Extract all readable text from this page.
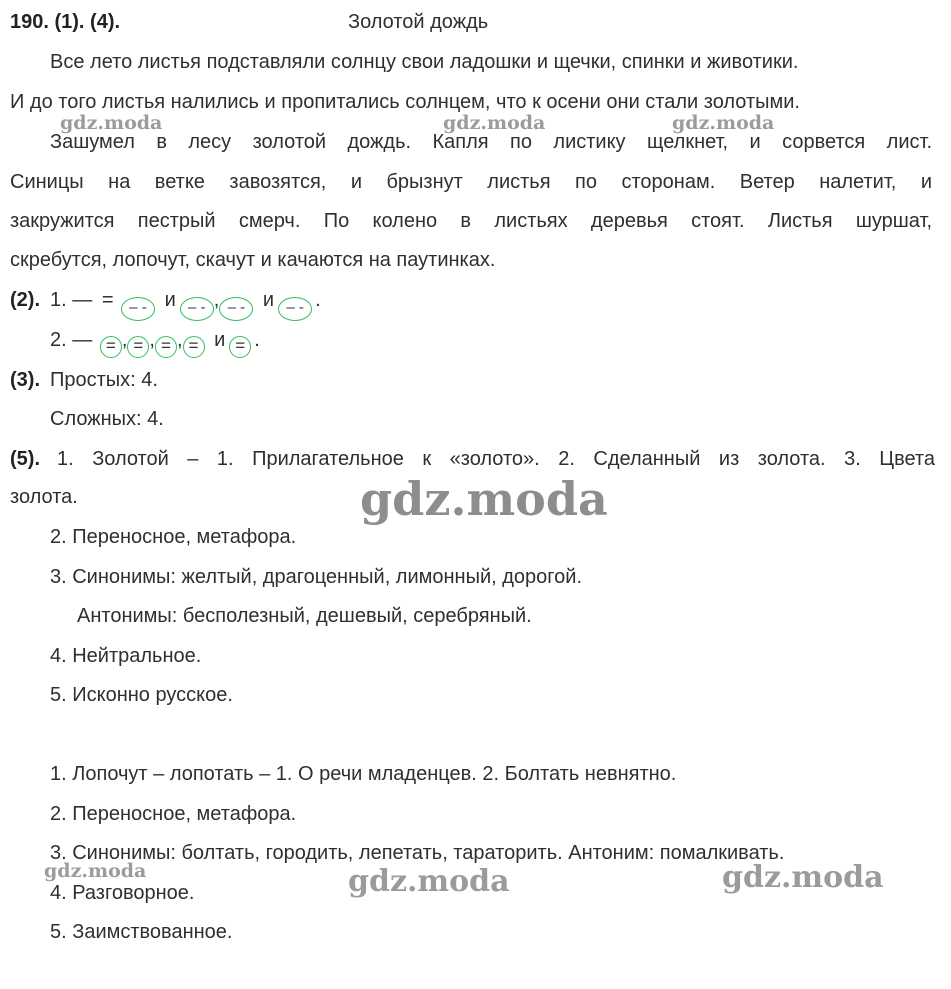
190. (1). (4).	Золотой дождь
Все лето листья подставляли солнцу свои ладошки и щечки, спинки и животики.
И до того листья налились и пропитались солнцем, что к осени они стали золотыми.
Зашумел в лесу золотой дождь. Капля по листику щелкнет, и сорвется лист.
Синицы на ветке завозятся, и брызнут листья по сторонам. Ветер налетит, и
закружится пестрый смерч. По колено в листьях деревья стоят. Листья шуршат,
скребутся, лопочут, скачут и качаются на паутинках.
(2). 1. — = – - и – - , – - и – - .
2. — = , = , = , = и = .
(3). Простых: 4.
Сложных: 4.
(5). 1. Золотой – 1. Прилагательное к «золото». 2. Сделанный из золота. 3. Цвета
золота.
2. Переносное, метафора.
3. Синонимы: желтый, драгоценный, лимонный, дорогой.
Антонимы: бесполезный, дешевый, серебряный.
4. Нейтральное.
5. Исконно русское.
1. Лопочут – лопотать – 1. О речи младенцев. 2. Болтать невнятно.
2. Переносное, метафора.
3. Синонимы: болтать, городить, лепетать, тараторить. Антоним: помалкивать.
4. Разговорное.
5. Заимствованное.
gdz.moda	gdz.moda	gdz.moda
gdz.moda
gdz.moda	gdz.moda	gdz.moda
